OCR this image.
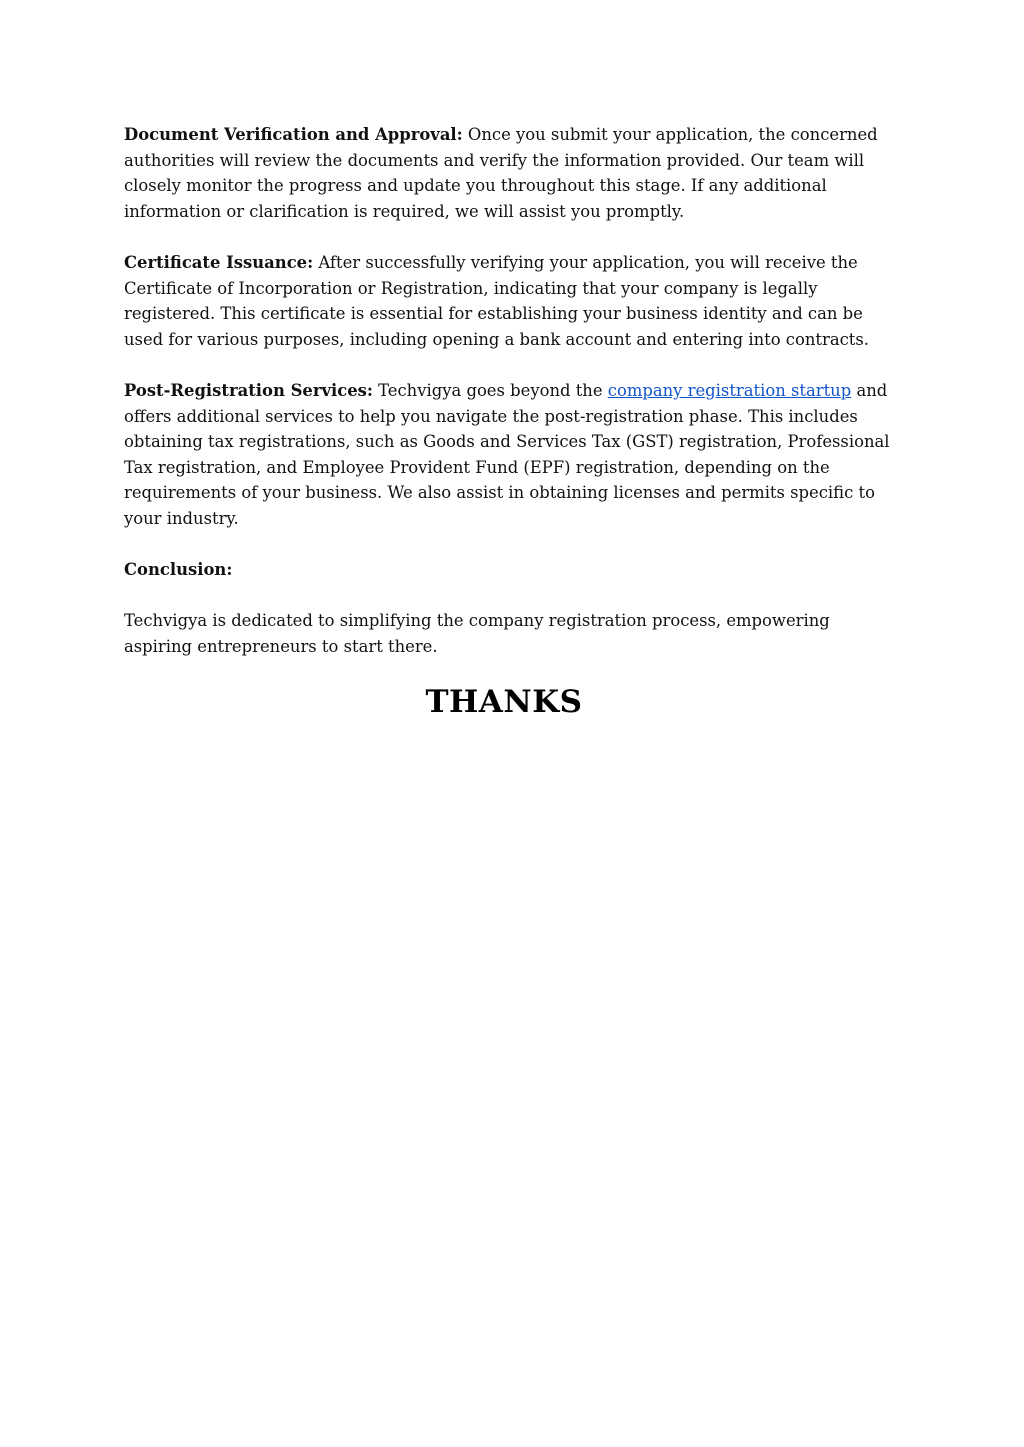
Document Verification and Approval: Once you submit your application, the concerned authorities will review the documents and verify the information provided. Our team will closely monitor the progress and update you throughout this stage. If any additional information or clarification is required, we will assist you promptly.

Certificate Issuance: After successfully verifying your application, you will receive the Certificate of Incorporation or Registration, indicating that your company is legally registered. This certificate is essential for establishing your business identity and can be used for various purposes, including opening a bank account and entering into contracts.

Post-Registration Services: Techvigya goes beyond the company registration startup and offers additional services to help you navigate the post-registration phase. This includes obtaining tax registrations, such as Goods and Services Tax (GST) registration, Professional Tax registration, and Employee Provident Fund (EPF) registration, depending on the requirements of your business. We also assist in obtaining licenses and permits specific to your industry.

Conclusion:

Techvigya is dedicated to simplifying the company registration process, empowering aspiring entrepreneurs to start there.

THANKS
